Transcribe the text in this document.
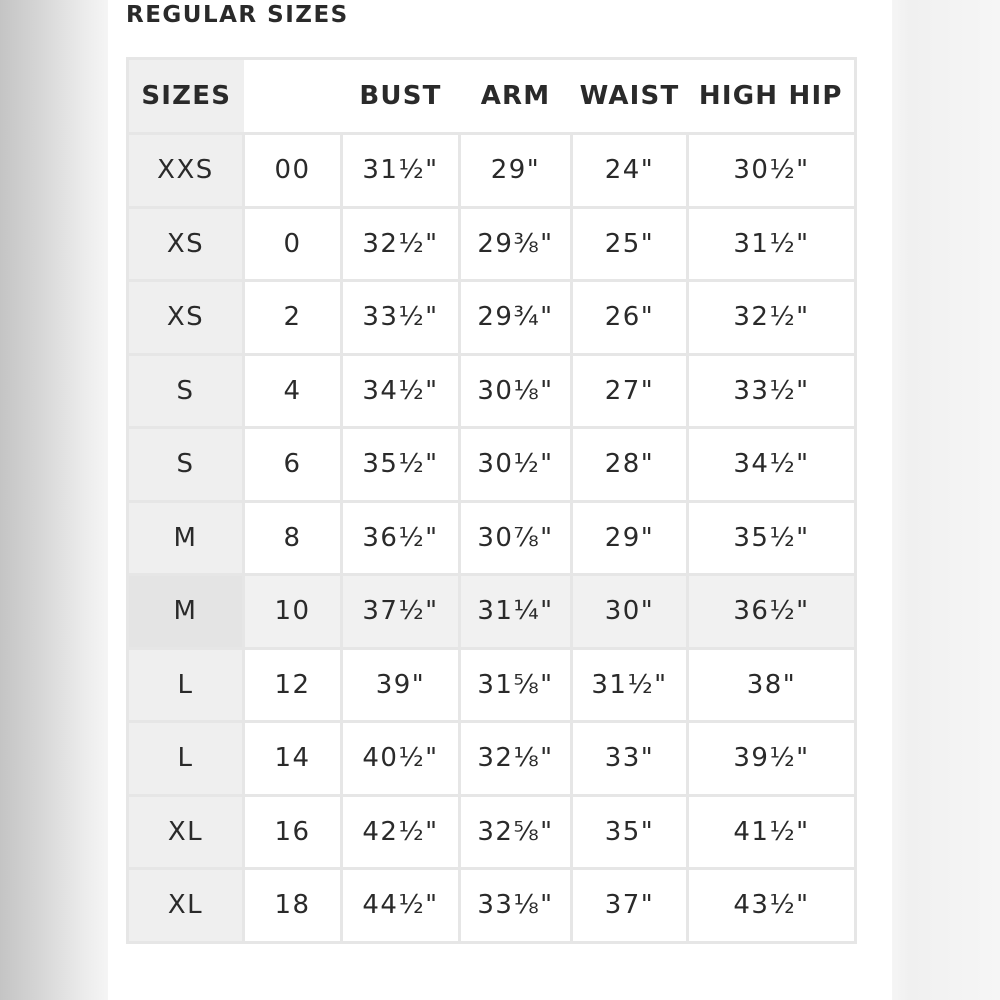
REGULAR SIZES
SIZES		BUST	ARM	WAIST	HIGH HIP
XXS	00	31½"	29"	24"	30½"
XS	0	32½"	29⅜"	25"	31½"
XS	2	33½"	29¾"	26"	32½"
S	4	34½"	30⅛"	27"	33½"
S	6	35½"	30½"	28"	34½"
M	8	36½"	30⅞"	29"	35½"
M	10	37½"	31¼"	30"	36½"
L	12	39"	31⅝"	31½"	38"
L	14	40½"	32⅛"	33"	39½"
XL	16	42½"	32⅝"	35"	41½"
XL	18	44½"	33⅛"	37"	43½"
